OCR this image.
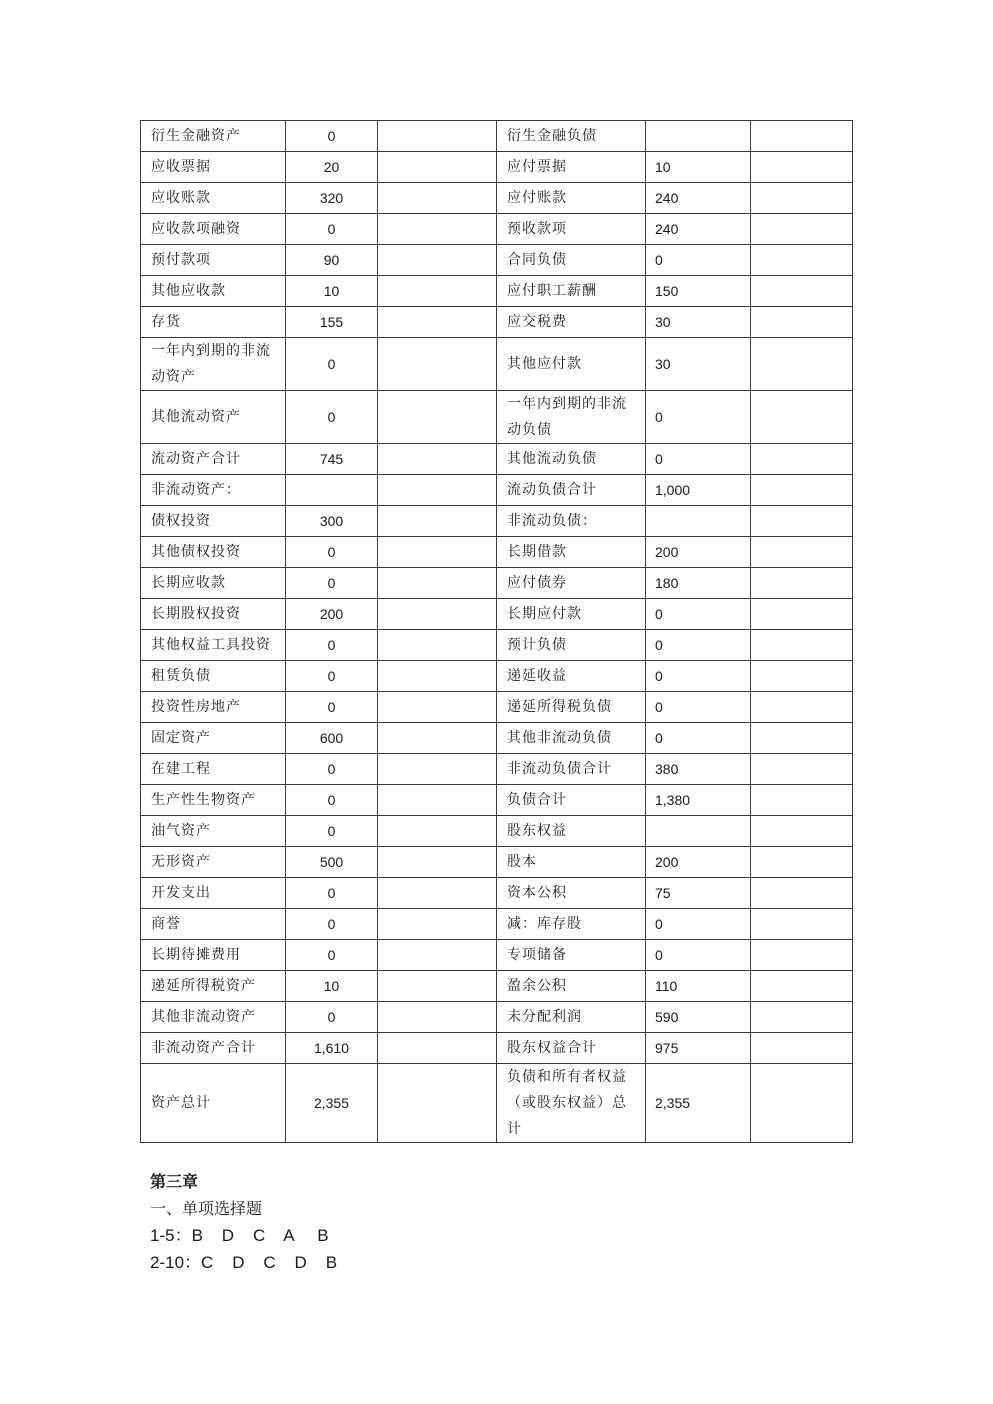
衍生金融资产	0		衍生金融负债		
应收票据	20		应付票据	10	
应收账款	320		应付账款	240	
应收款项融资	0		预收款项	240	
预付款项	90		合同负债	0	
其他应收款	10		应付职工薪酬	150	
存货	155		应交税费	30	
一年内到期的非流动资产	0		其他应付款	30	
其他流动资产	0		一年内到期的非流动负债	0	
流动资产合计	745		其他流动负债	0	
非流动资产：			流动负债合计	1,000	
债权投资	300		非流动负债：		
其他债权投资	0		长期借款	200	
长期应收款	0		应付债券	180	
长期股权投资	200		长期应付款	0	
其他权益工具投资	0		预计负债	0	
租赁负债	0		递延收益	0	
投资性房地产	0		递延所得税负债	0	
固定资产	600		其他非流动负债	0	
在建工程	0		非流动负债合计	380	
生产性生物资产	0		负债合计	1,380	
油气资产	0		股东权益		
无形资产	500		股本	200	
开发支出	0		资本公积	75	
商誉	0		减：库存股	0	
长期待摊费用	0		专项储备	0	
递延所得税资产	10		盈余公积	110	
其他非流动资产	0		未分配利润	590	
非流动资产合计	1,610		股东权益合计	975	
资产总计	2,355		负债和所有者权益（或股东权益）总计	2,355	
第三章
一、单项选择题
1-5：B    D    C    A     B
2-10：C    D    C    D    B
